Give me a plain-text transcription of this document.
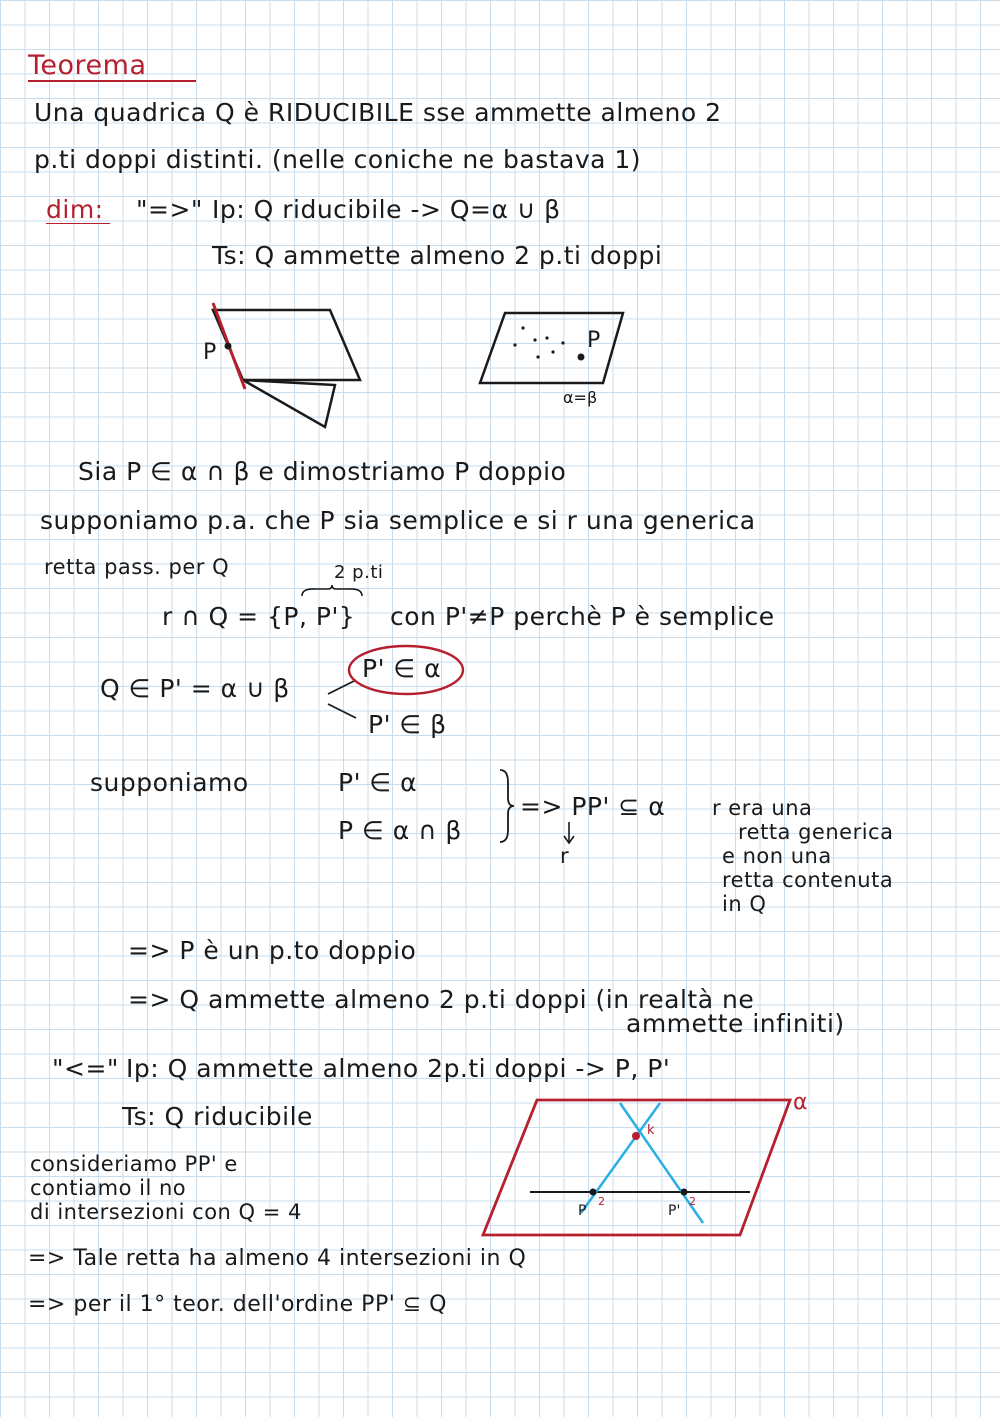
Teorema
Una quadrica Q è RIDUCIBILE sse ammette almeno 2
p.ti doppi distinti. (nelle coniche ne bastava 1)
dim: "=>" Ip: Q riducibile -> Q=α ∪ β
Ts: Q ammette almeno 2 p.ti doppi
P	P
α=β
Sia P ∈ α ∩ β e dimostriamo P doppio
supponiamo p.a. che P sia semplice e si r una generica
retta pass. per Q	2 p.ti
r ∩ Q = {P, P'} con P'≠P perchè P è semplice
Q ∈ P' = α ∪ β
P' ∈ α
P' ∈ β
supponiamo	P' ∈ α
P ∈ α ∩ β
=> PP' ⊆ α
r
r era una
retta generica
e non una
retta contenuta
in Q
=> P è un p.to doppio
=> Q ammette almeno 2 p.ti doppi (in realtà ne
ammette infiniti)
"<=" Ip: Q ammette almeno 2p.ti doppi -> P, P'
Ts: Q riducibile
consideriamo PP' e
contiamo il no
di intersezioni con Q = 4
α
k
2	2
P	P'
=> Tale retta ha almeno 4 intersezioni in Q
=> per il 1° teor. dell'ordine PP' ⊆ Q
